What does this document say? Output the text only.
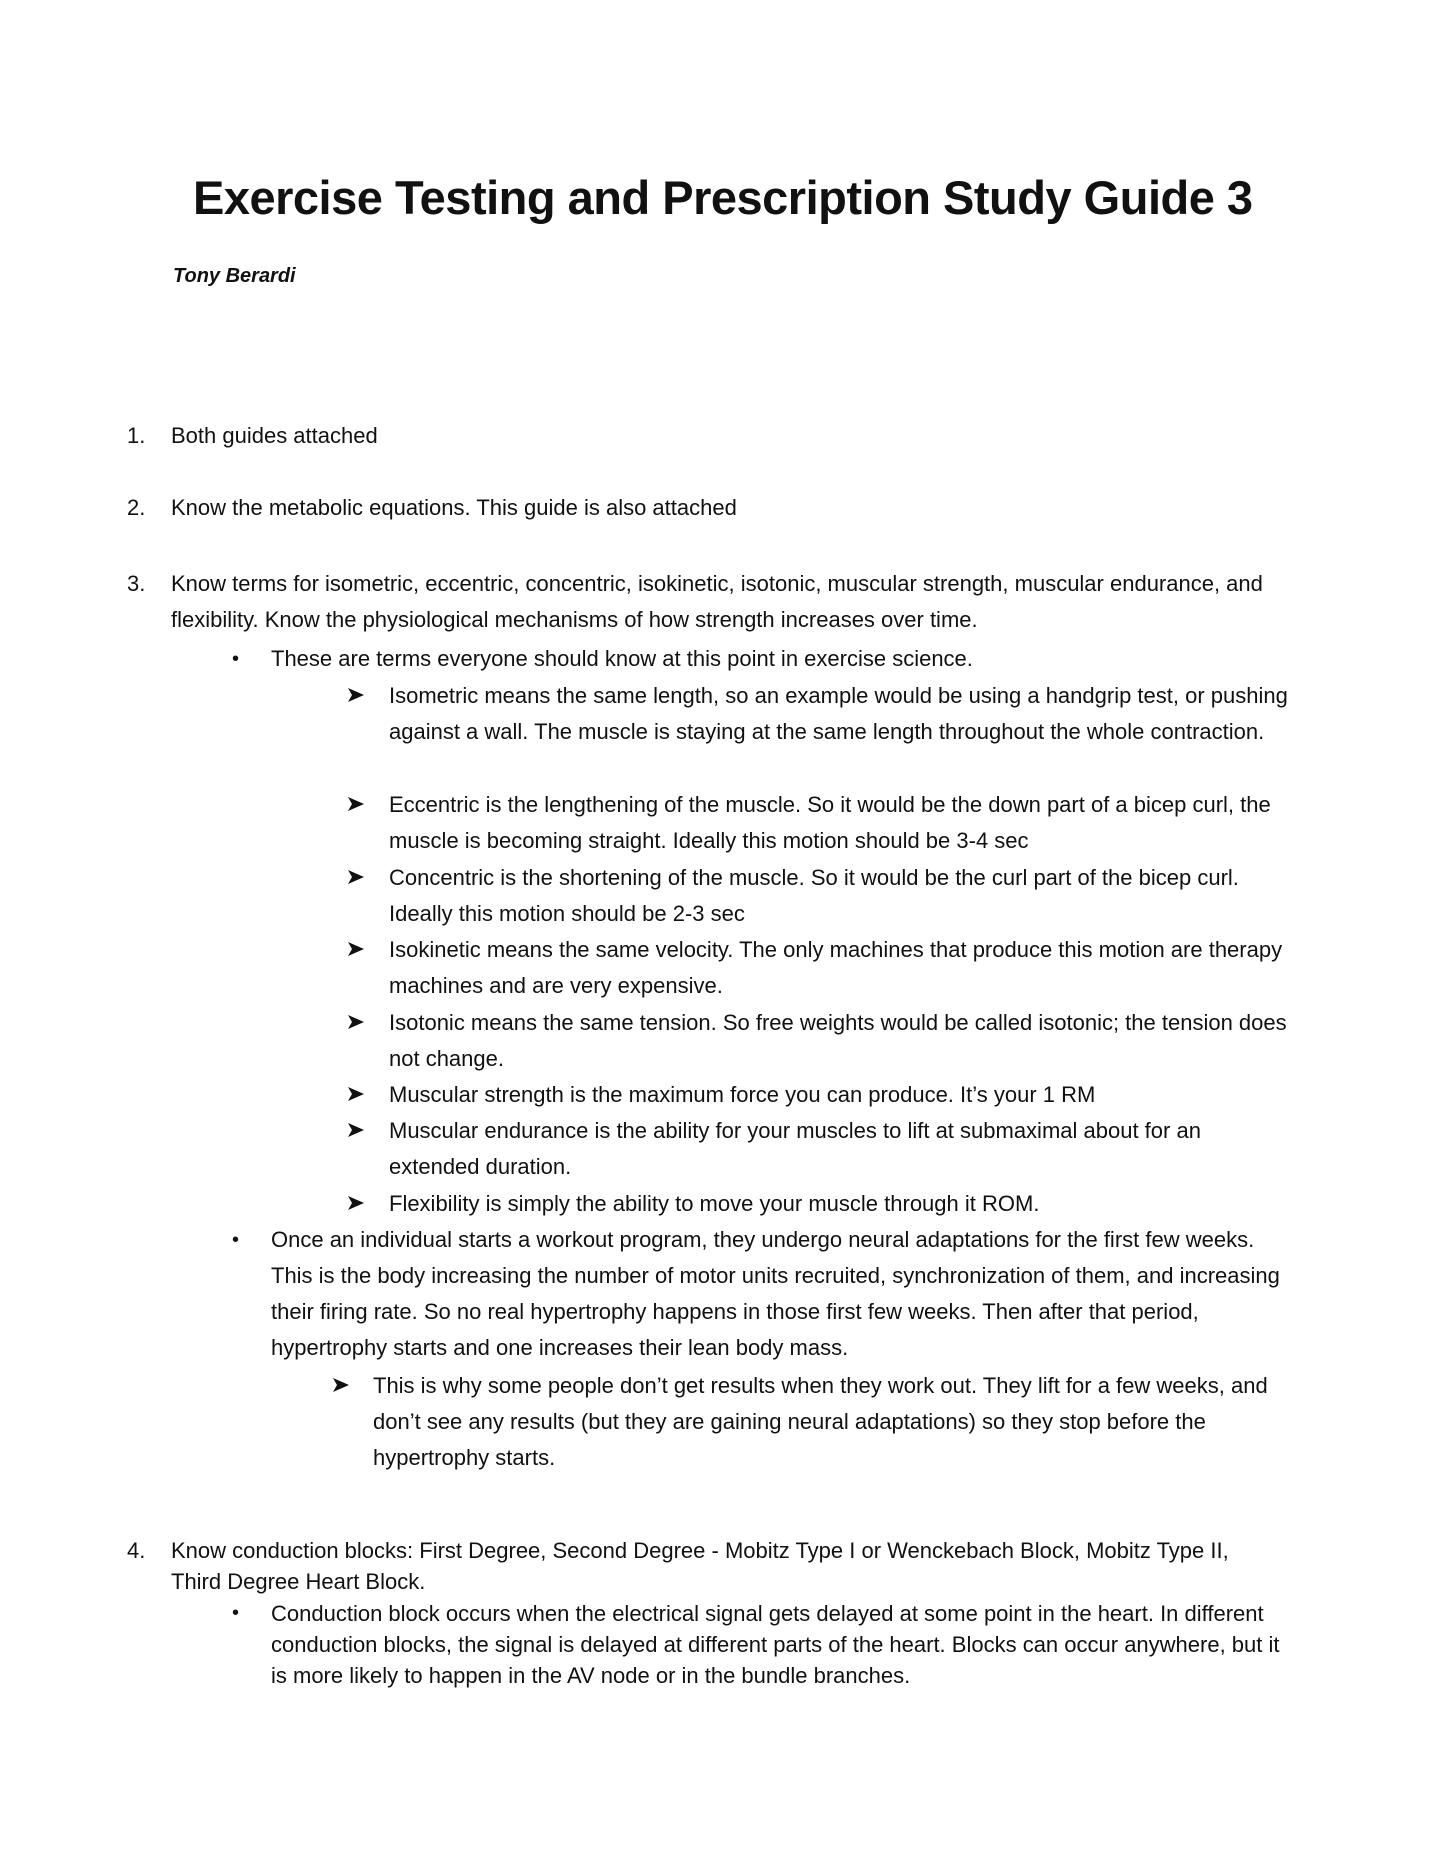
Exercise Testing and Prescription Study Guide 3

Tony Berardi

1.	Both guides attached
2.	Know the metabolic equations. This guide is also attached
3.	Know terms for isometric, eccentric, concentric, isokinetic, isotonic, muscular strength, muscular endurance, and flexibility. Know the physiological mechanisms of how strength increases over time.
• These are terms everyone should know at this point in exercise science.
Isometric means the same length, so an example would be using a handgrip test, or pushing against a wall. The muscle is staying at the same length throughout the whole contraction.
Eccentric is the lengthening of the muscle. So it would be the down part of a bicep curl, the muscle is becoming straight. Ideally this motion should be 3-4 sec
Concentric is the shortening of the muscle. So it would be the curl part of the bicep curl. Ideally this motion should be 2-3 sec
Isokinetic means the same velocity. The only machines that produce this motion are therapy machines and are very expensive.
Isotonic means the same tension. So free weights would be called isotonic; the tension does not change.
Muscular strength is the maximum force you can produce. It’s your 1 RM
Muscular endurance is the ability for your muscles to lift at submaximal about for an extended duration.
Flexibility is simply the ability to move your muscle through it ROM.
• Once an individual starts a workout program, they undergo neural adaptations for the first few weeks. This is the body increasing the number of motor units recruited, synchronization of them, and increasing their firing rate. So no real hypertrophy happens in those first few weeks. Then after that period, hypertrophy starts and one increases their lean body mass.
This is why some people don’t get results when they work out. They lift for a few weeks, and don’t see any results (but they are gaining neural adaptations) so they stop before the hypertrophy starts.
4.	Know conduction blocks: First Degree, Second Degree - Mobitz Type I or Wenckebach Block, Mobitz Type II, Third Degree Heart Block.
• Conduction block occurs when the electrical signal gets delayed at some point in the heart. In different conduction blocks, the signal is delayed at different parts of the heart. Blocks can occur anywhere, but it is more likely to happen in the AV node or in the bundle branches.
